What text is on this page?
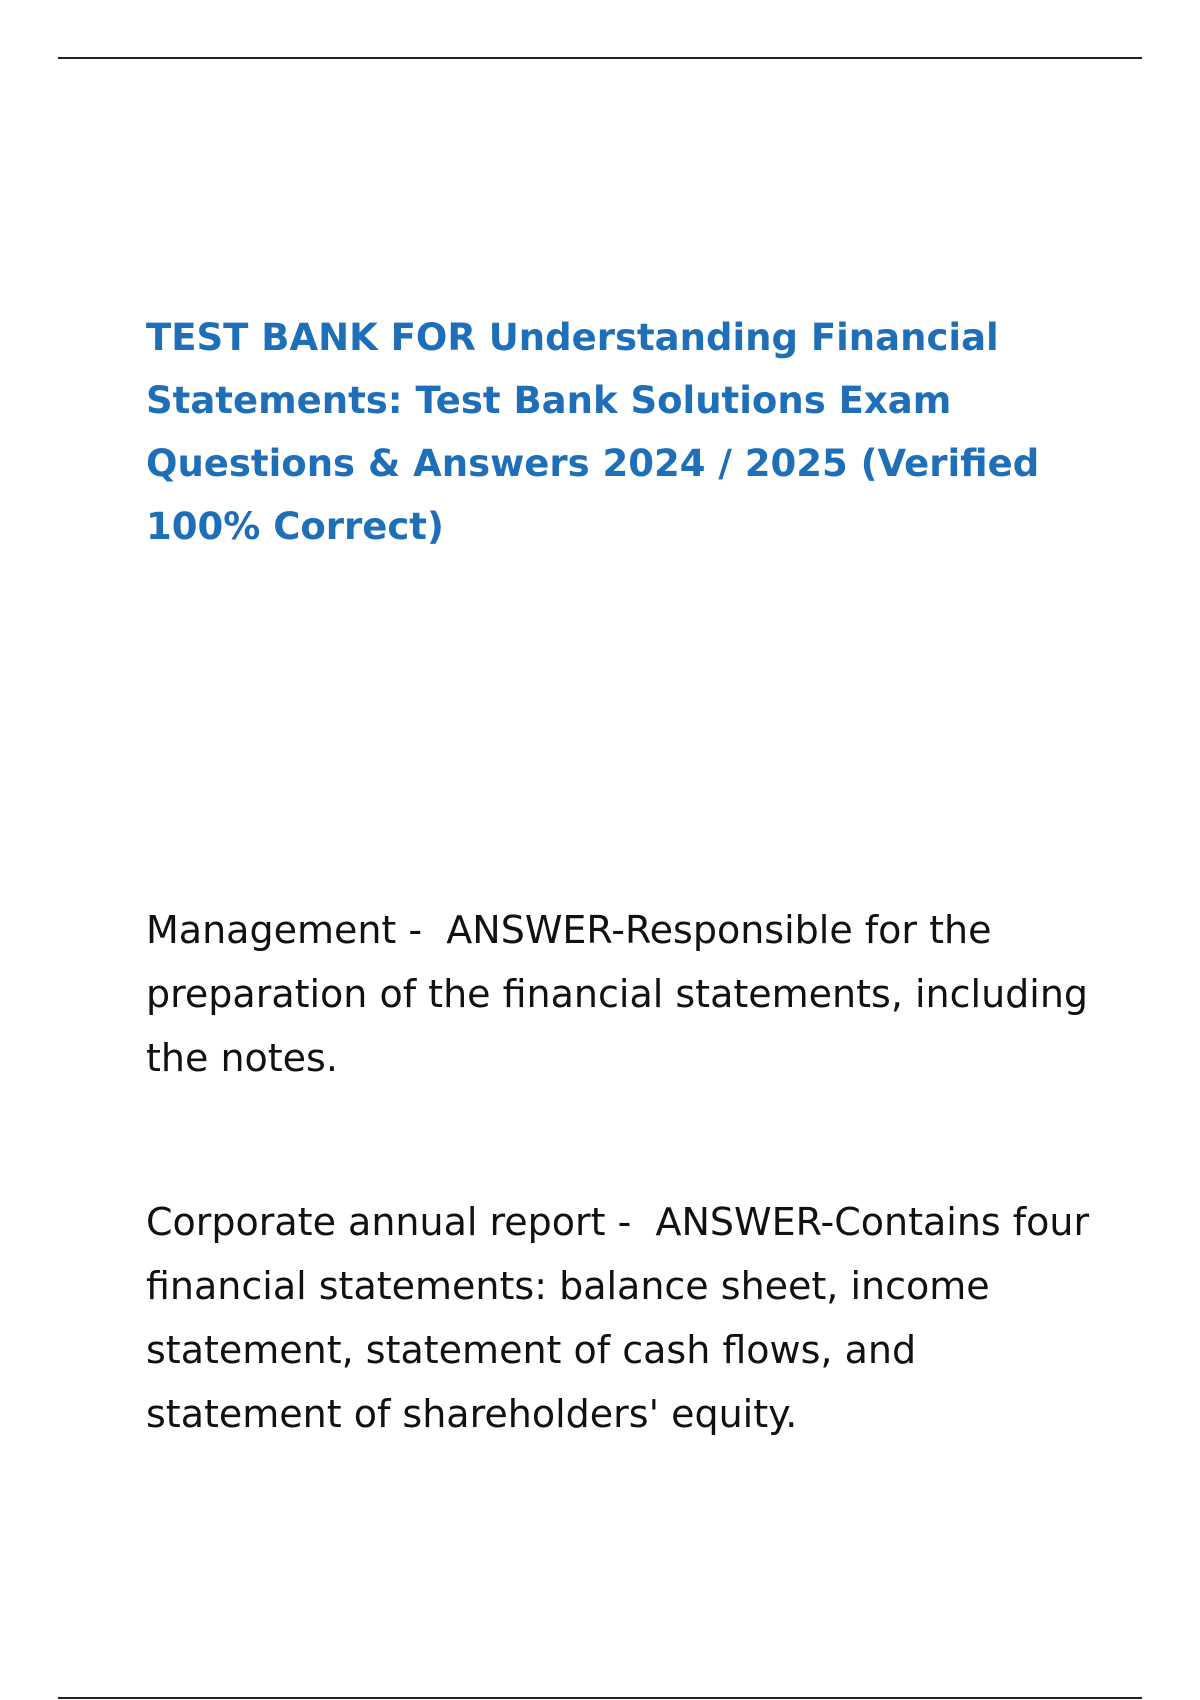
TEST BANK FOR Understanding Financial Statements: Test Bank Solutions Exam Questions & Answers 2024 / 2025 (Verified 100% Correct)
Management -  ANSWER-Responsible for the preparation of the financial statements, including the notes.
Corporate annual report -  ANSWER-Contains four financial statements: balance sheet, income statement, statement of cash flows, and statement of shareholders' equity.
